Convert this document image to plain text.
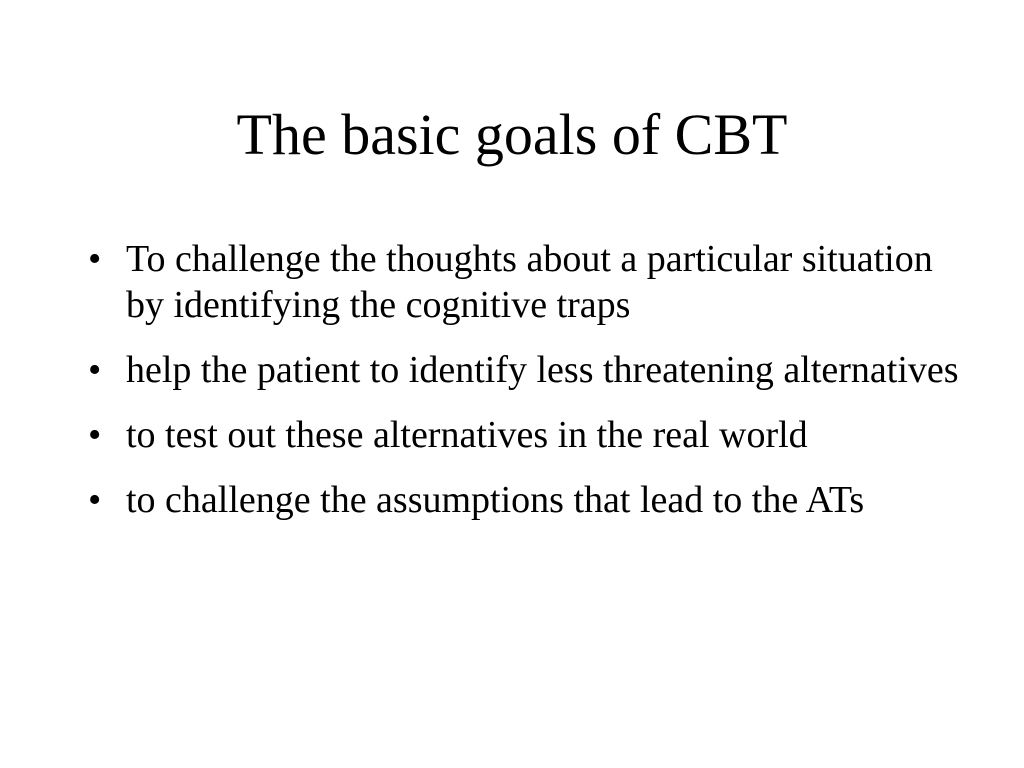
The basic goals of CBT
• To challenge the thoughts about a particular situation by identifying the cognitive traps
• help the patient to identify less threatening alternatives
• to test out these alternatives in the real world
• to challenge the assumptions that lead to the ATs
